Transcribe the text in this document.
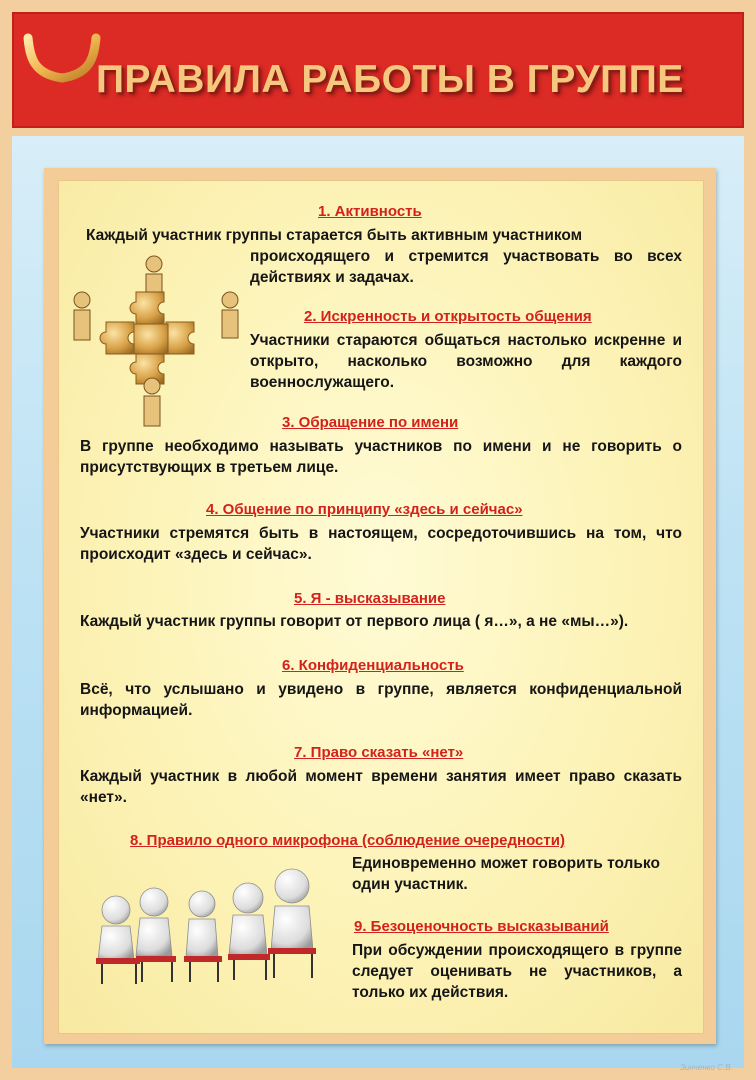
ПРАВИЛА РАБОТЫ В ГРУППЕ
1. Активность
Каждый участник группы старается быть активным участником
происходящего и стремится участвовать во всех действиях и задачах.
2. Искренность и открытость общения
Участники стараются общаться настолько искренне и открыто, насколько возможно для каждого военнослужащего.
3. Обращение по имени
В группе необходимо называть участников по имени и не говорить о присутствующих в третьем лице.
4. Общение по принципу «здесь и сейчас»
Участники стремятся быть в настоящем, сосредоточившись на том, что происходит «здесь и сейчас».
5. Я - высказывание
Каждый участник группы говорит от первого лица ( я…», а не «мы…»).
6. Конфиденциальность
Всё, что услышано и увидено в группе, является конфиденциальной информацией.
7. Право сказать «нет»
Каждый участник в любой момент времени занятия имеет право сказать «нет».
8. Правило одного микрофона (соблюдение очередности)
Единовременно может говорить только один участник.
9. Безоценочность высказываний
При обсуждении происходящего в группе следует оценивать не участников, а только их действия.
Зинченко С.В.
